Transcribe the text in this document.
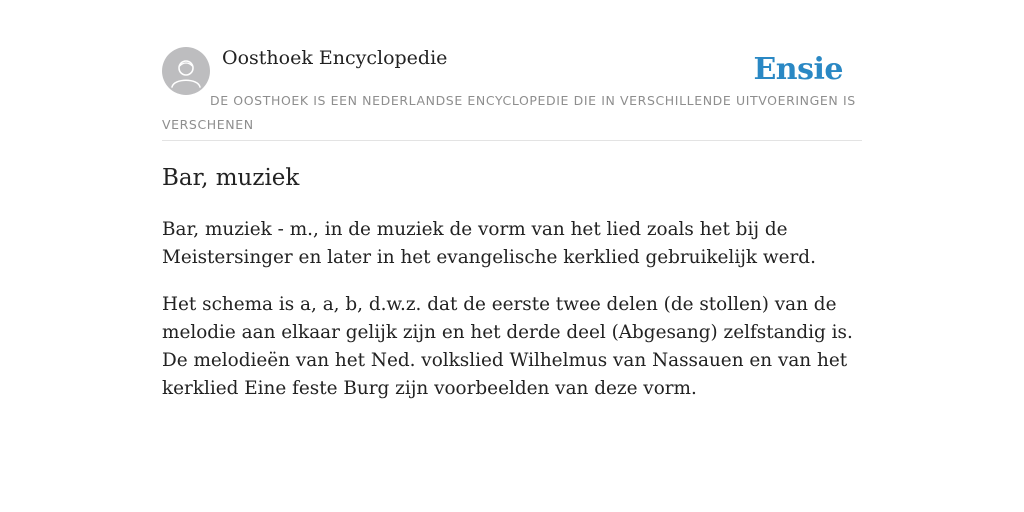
Oosthoek Encyclopedie	Ensie
DE OOSTHOEK IS EEN NEDERLANDSE ENCYCLOPEDIE DIE IN VERSCHILLENDE UITVOERINGEN IS VERSCHENEN
Bar, muziek

Bar, muziek - m., in de muziek de vorm van het lied zoals het bij de Meistersinger en later in het evangelische kerklied gebruikelijk werd.

Het schema is a, a, b, d.w.z. dat de eerste twee delen (de stollen) van de melodie aan elkaar gelijk zijn en het derde deel (Abgesang) zelfstandig is. De melodieën van het Ned. volkslied Wilhelmus van Nassauen en van het kerklied Eine feste Burg zijn voorbeelden van deze vorm.
